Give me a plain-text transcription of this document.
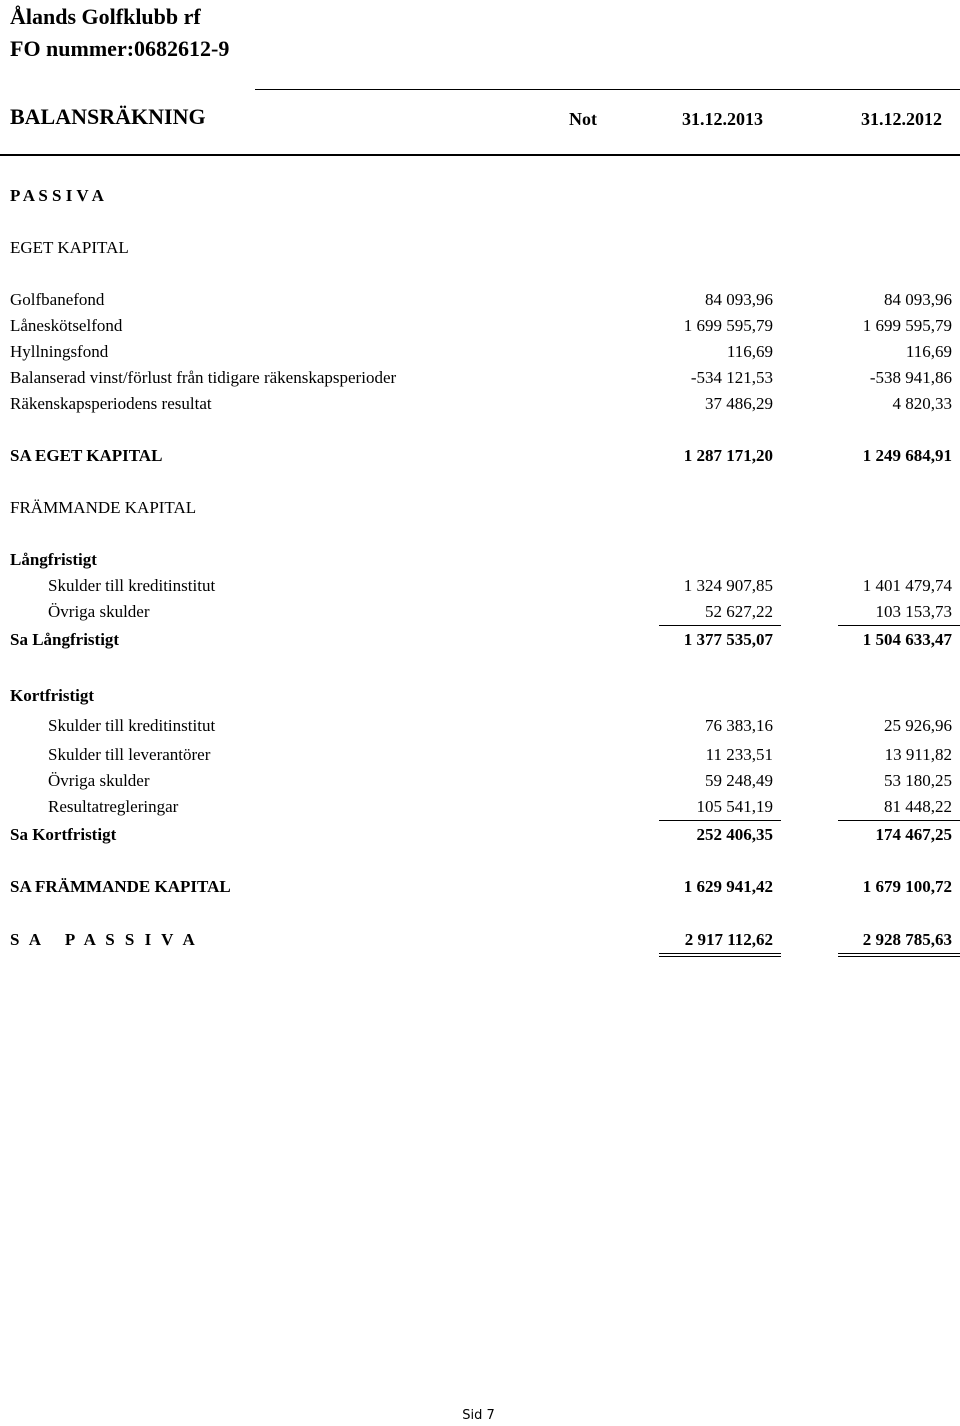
Ålands Golfklubb rf
FO nummer:0682612-9
BALANSRÄKNING	Not	31.12.2013	31.12.2012
P A S S I V A
EGET KAPITAL
Golfbanefond	84 093,96	84 093,96
Låneskötselfond	1 699 595,79	1 699 595,79
Hyllningsfond	116,69	116,69
Balanserad vinst/förlust från tidigare räkenskapsperioder	-534 121,53	-538 941,86
Räkenskapsperiodens resultat	37 486,29	4 820,33
SA EGET KAPITAL	1 287 171,20	1 249 684,91
FRÄMMANDE KAPITAL
Långfristigt
Skulder till kreditinstitut	1 324 907,85	1 401 479,74
Övriga skulder	52 627,22	103 153,73
Sa Långfristigt	1 377 535,07	1 504 633,47
Kortfristigt
Skulder till kreditinstitut	76 383,16	25 926,96
Skulder till leverantörer	11 233,51	13 911,82
Övriga skulder	59 248,49	53 180,25
Resultatregleringar	105 541,19	81 448,22
Sa Kortfristigt	252 406,35	174 467,25
SA FRÄMMANDE KAPITAL	1 629 941,42	1 679 100,72
S A   P A S S I V A	2 917 112,62	2 928 785,63
Sid 7
